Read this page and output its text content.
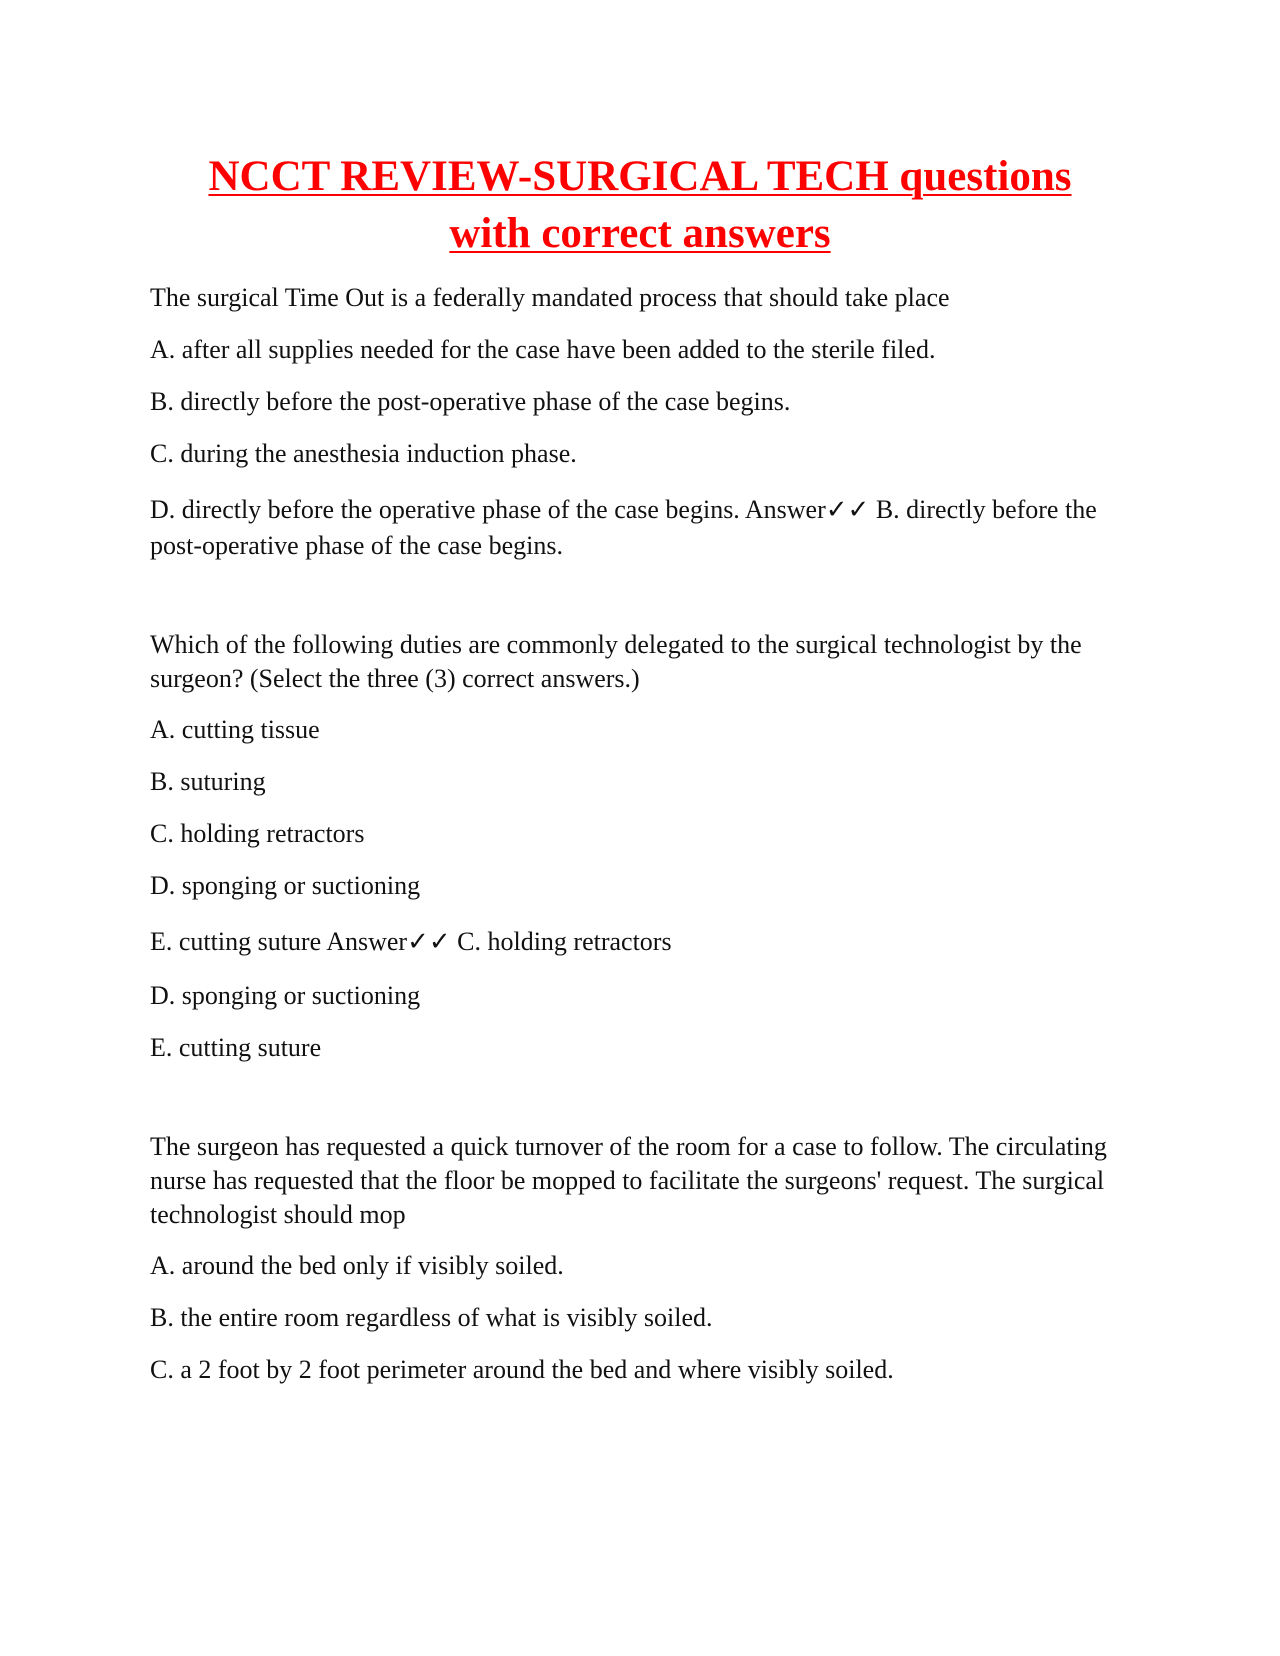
NCCT REVIEW-SURGICAL TECH questions
with correct answers

The surgical Time Out is a federally mandated process that should take place

A. after all supplies needed for the case have been added to the sterile filed.

B. directly before the post-operative phase of the case begins.

C. during the anesthesia induction phase.

D. directly before the operative phase of the case begins. Answer✓✓ B. directly before the post-operative phase of the case begins.

Which of the following duties are commonly delegated to the surgical technologist by the surgeon? (Select the three (3) correct answers.)

A. cutting tissue

B. suturing

C. holding retractors

D. sponging or suctioning

E. cutting suture Answer✓✓ C. holding retractors

D. sponging or suctioning

E. cutting suture

The surgeon has requested a quick turnover of the room for a case to follow. The circulating nurse has requested that the floor be mopped to facilitate the surgeons' request. The surgical technologist should mop

A. around the bed only if visibly soiled.

B. the entire room regardless of what is visibly soiled.

C. a 2 foot by 2 foot perimeter around the bed and where visibly soiled.
